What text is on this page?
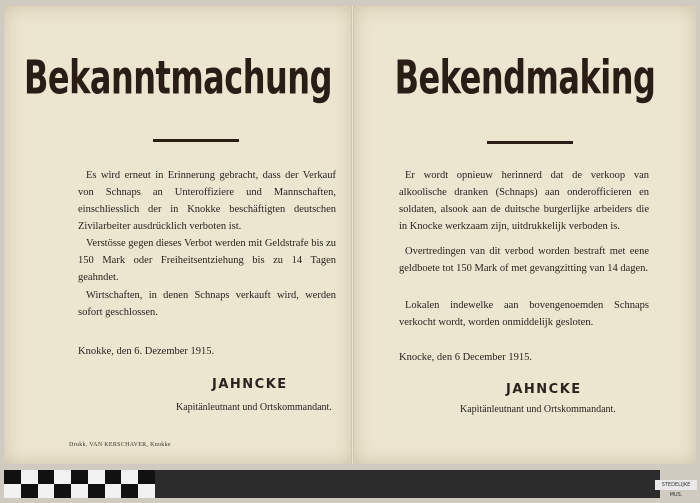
Bekanntmachung
Es wird erneut in Erinnerung gebracht, dass der Verkauf von Schnaps an Unteroffiziere und Mannschaften, einschliesslich der in Knokke beschäftigten deutschen Zivilarbeiter ausdrücklich verboten ist.
Verstösse gegen dieses Verbot werden mit Geldstrafe bis zu 150 Mark oder Freiheitsentziehung bis zu 14 Tagen geahndet.
Wirtschaften, in denen Schnaps verkauft wird, werden sofort geschlossen.
Knokke, den 6. Dezember 1915.
JAHNCKE
Kapitänleutnant und Ortskommandant.
Drukk. VAN KERSCHAVER, Knokke
Bekendmaking
Er wordt opnieuw herinnerd dat de verkoop van alkoolische dranken (Schnaps) aan onderofficieren en soldaten, alsook aan de duitsche burgerlijke arbeiders die in Knocke werkzaam zijn, uitdrukkelijk verboden is.
Overtredingen van dit verbod worden bestraft met eene geldboete tot 150 Mark of met gevangzitting van 14 dagen.
Lokalen indewelke aan bovengenoemden Schnaps verkocht wordt, worden onmiddelijk gesloten.
Knocke, den 6 December 1915.
JAHNCKE
Kapitänleutnant und Ortskommandant.
STEDELIJKE MUS.
